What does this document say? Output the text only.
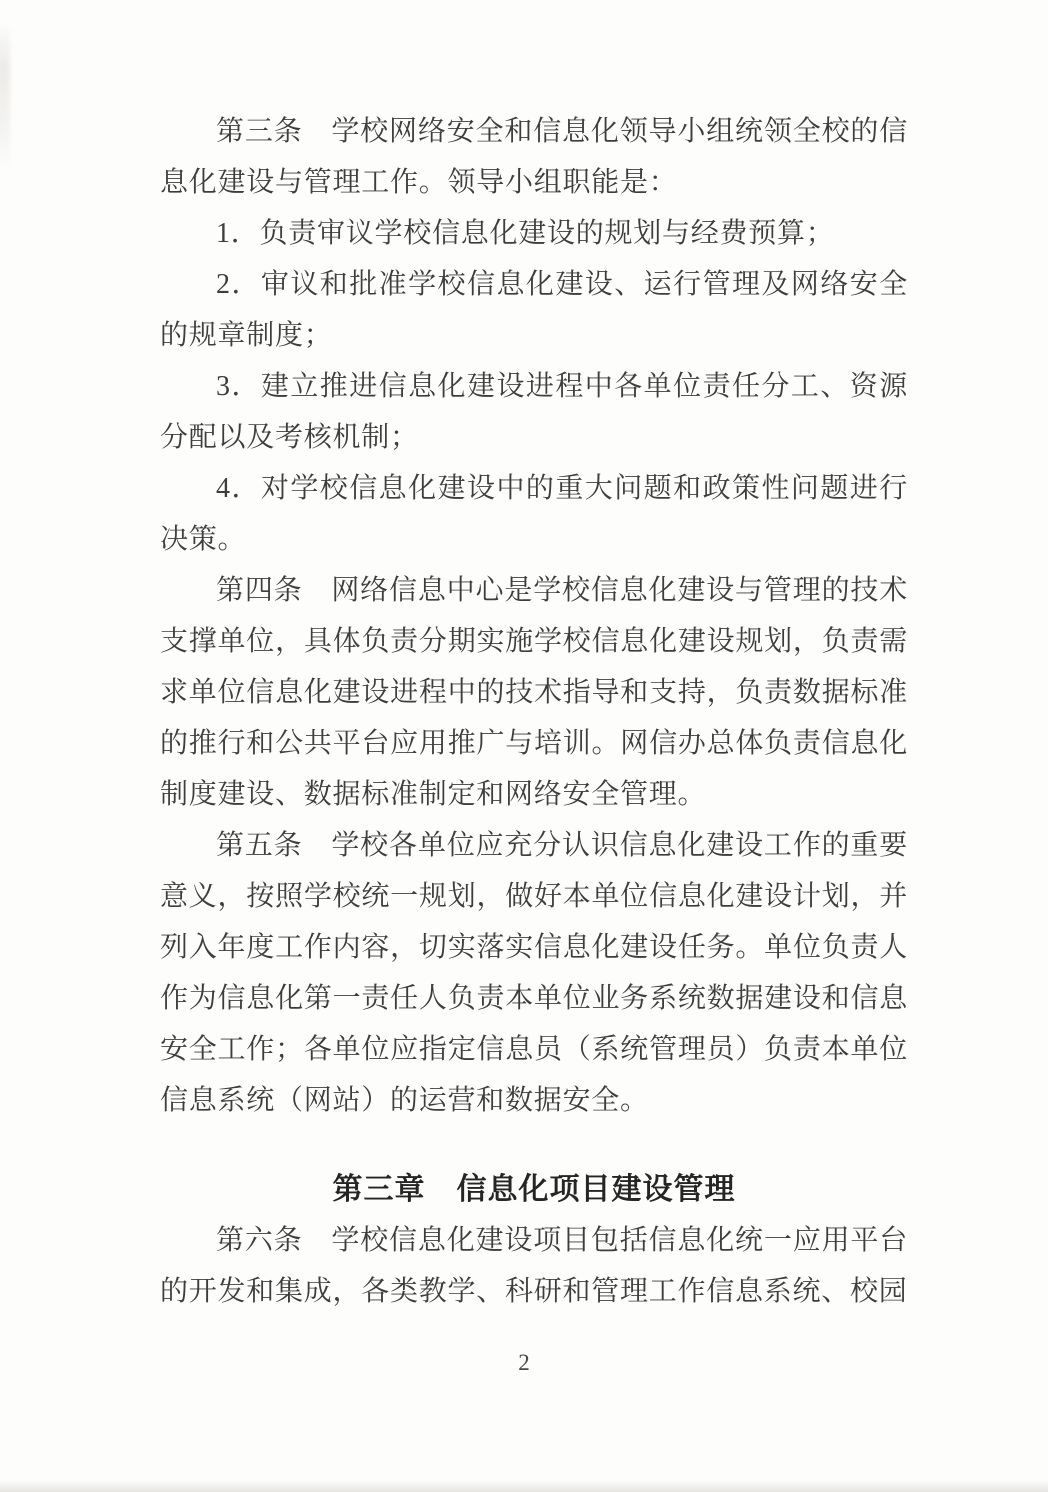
第三条　学校网络安全和信息化领导小组统领全校的信息化建设与管理工作。领导小组职能是：

1．负责审议学校信息化建设的规划与经费预算；

2．审议和批准学校信息化建设、运行管理及网络安全的规章制度；

3．建立推进信息化建设进程中各单位责任分工、资源分配以及考核机制；

4．对学校信息化建设中的重大问题和政策性问题进行决策。

第四条　网络信息中心是学校信息化建设与管理的技术支撑单位，具体负责分期实施学校信息化建设规划，负责需求单位信息化建设进程中的技术指导和支持，负责数据标准的推行和公共平台应用推广与培训。网信办总体负责信息化制度建设、数据标准制定和网络安全管理。

第五条　学校各单位应充分认识信息化建设工作的重要意义，按照学校统一规划，做好本单位信息化建设计划，并列入年度工作内容，切实落实信息化建设任务。单位负责人作为信息化第一责任人负责本单位业务系统数据建设和信息安全工作；各单位应指定信息员（系统管理员）负责本单位信息系统（网站）的运营和数据安全。

第三章　信息化项目建设管理

第六条　学校信息化建设项目包括信息化统一应用平台的开发和集成，各类教学、科研和管理工作信息系统、校园

2
